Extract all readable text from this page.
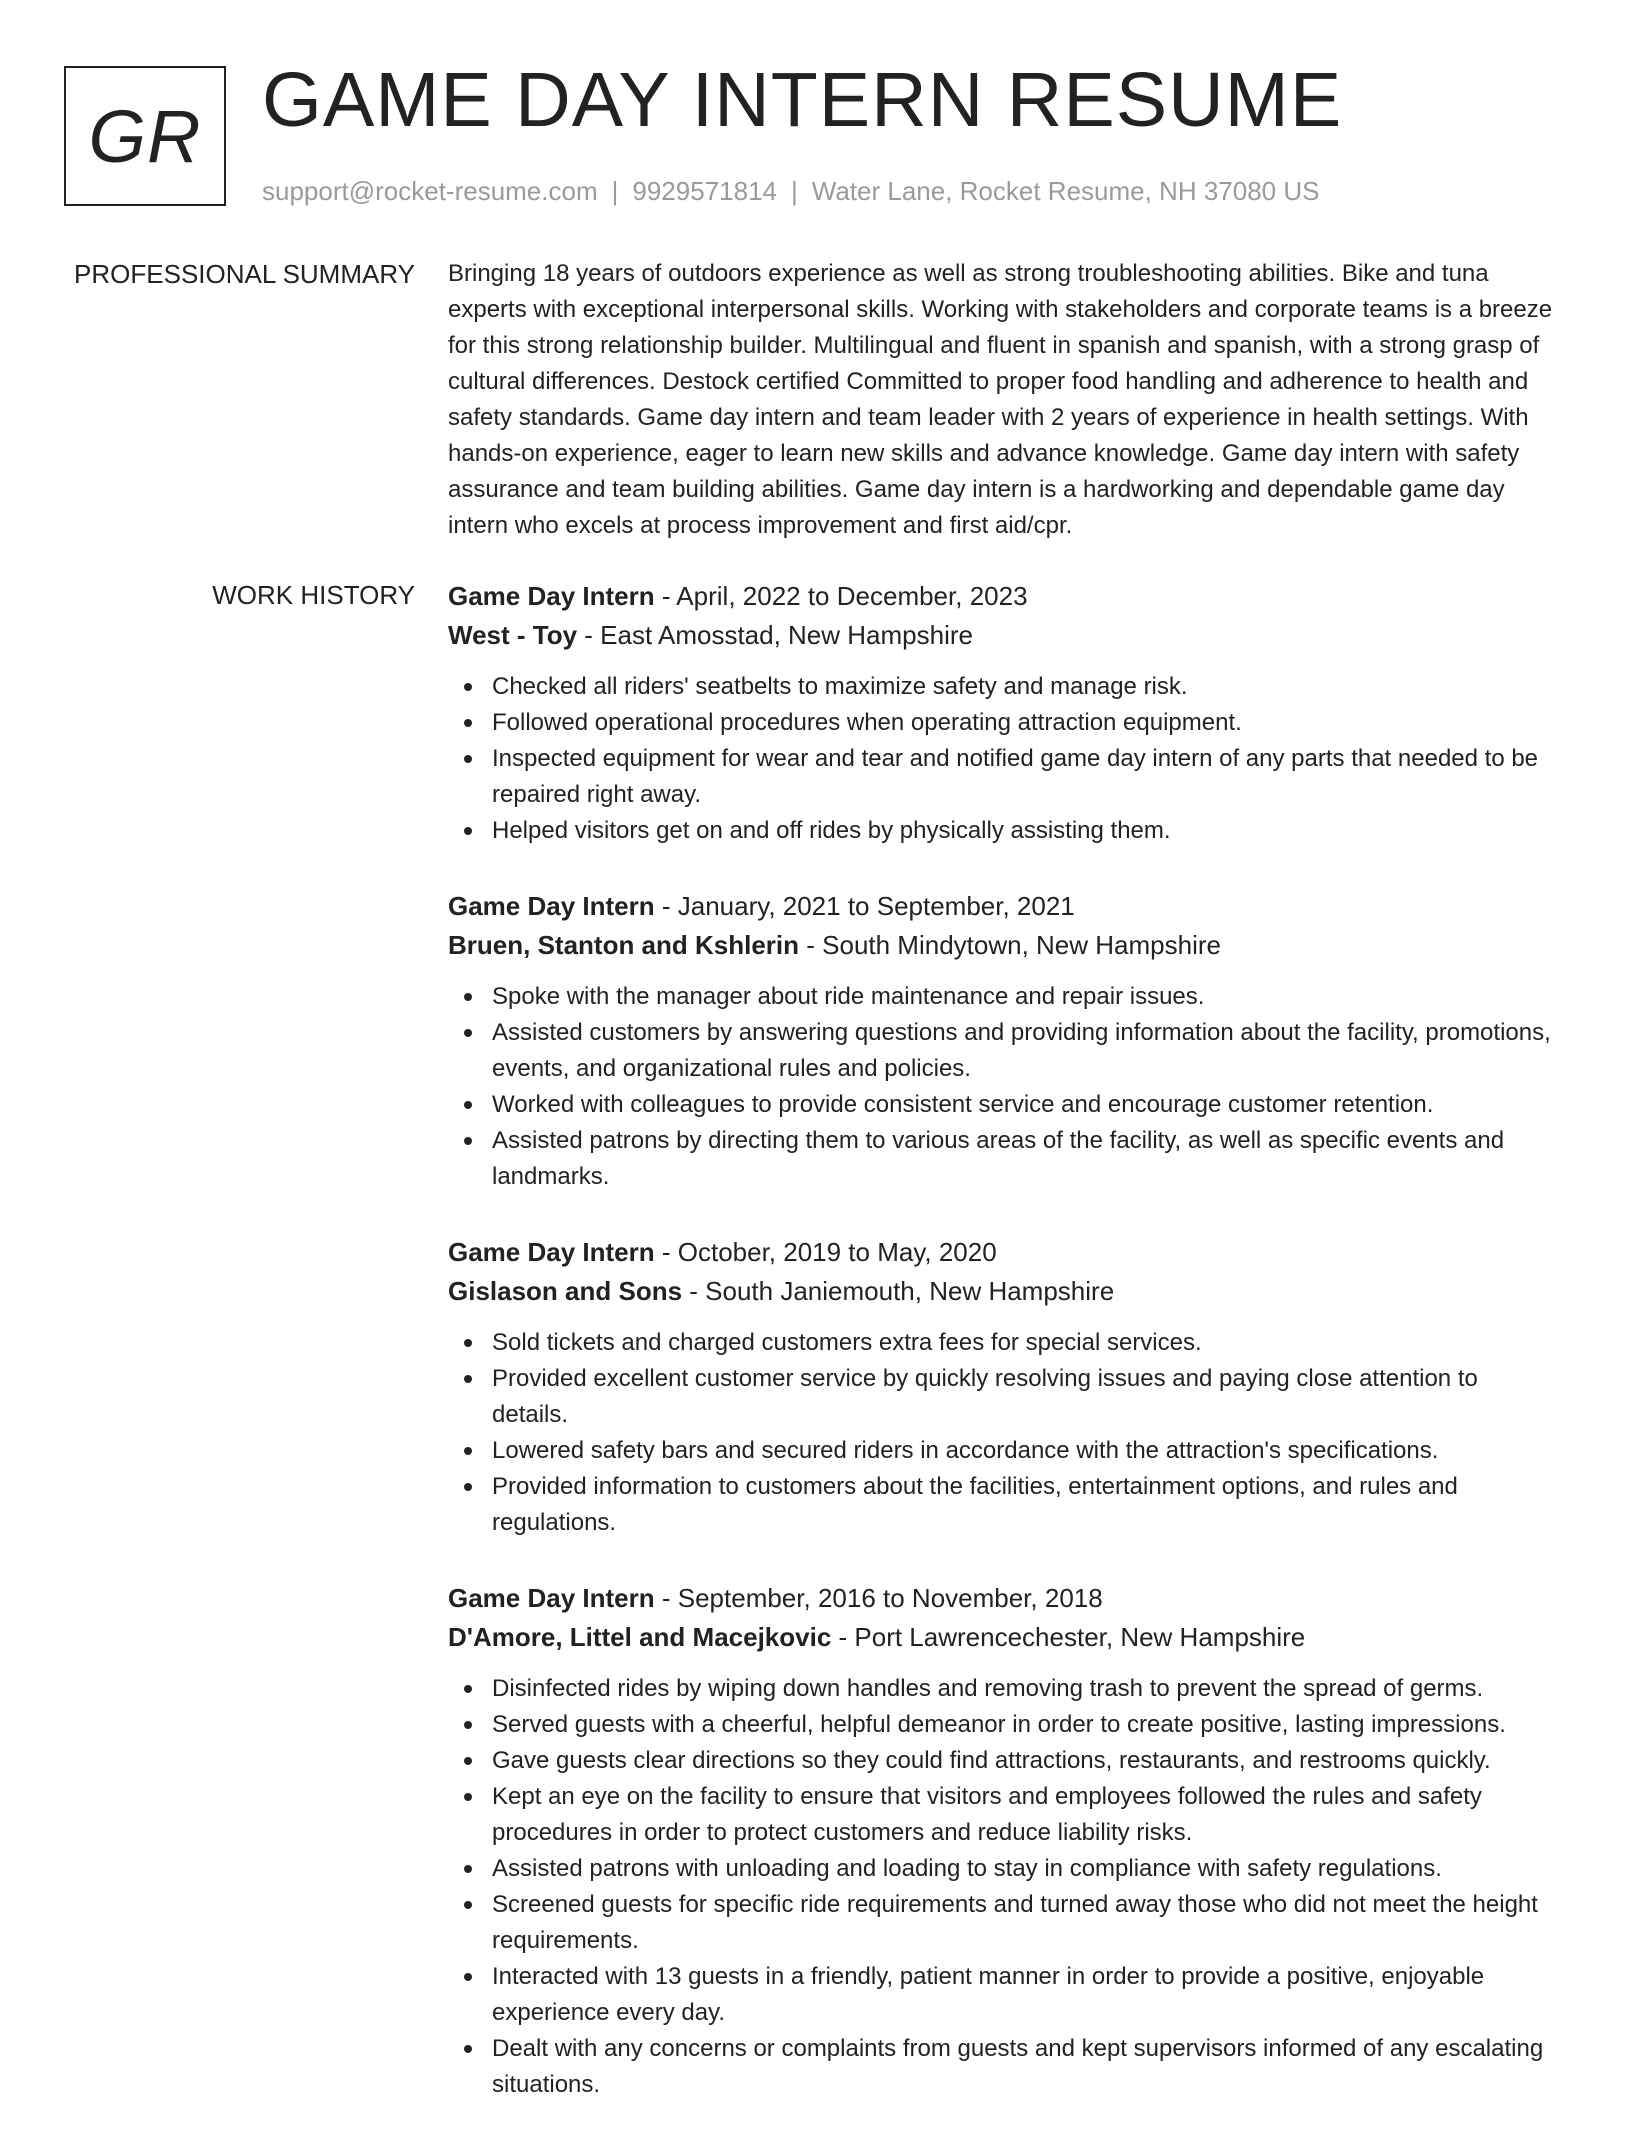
GR GAME DAY INTERN RESUME
support@rocket-resume.com | 9929571814 | Water Lane, Rocket Resume, NH 37080 US
PROFESSIONAL SUMMARY Bringing 18 years of outdoors experience as well as strong troubleshooting abilities. Bike and tuna experts with exceptional interpersonal skills. Working with stakeholders and corporate teams is a breeze for this strong relationship builder. Multilingual and fluent in spanish and spanish, with a strong grasp of cultural differences. Destock certified Committed to proper food handling and adherence to health and safety standards. Game day intern and team leader with 2 years of experience in health settings. With hands-on experience, eager to learn new skills and advance knowledge. Game day intern with safety assurance and team building abilities. Game day intern is a hardworking and dependable game day intern who excels at process improvement and first aid/cpr.

WORK HISTORY Game Day Intern - April, 2022 to December, 2023
West - Toy - East Amosstad, New Hampshire
Checked all riders' seatbelts to maximize safety and manage risk.
Followed operational procedures when operating attraction equipment.
Inspected equipment for wear and tear and notified game day intern of any parts that needed to be repaired right away.
Helped visitors get on and off rides by physically assisting them.
Game Day Intern - January, 2021 to September, 2021
Bruen, Stanton and Kshlerin - South Mindytown, New Hampshire
Spoke with the manager about ride maintenance and repair issues.
Assisted customers by answering questions and providing information about the facility, promotions, events, and organizational rules and policies.
Worked with colleagues to provide consistent service and encourage customer retention.
Assisted patrons by directing them to various areas of the facility, as well as specific events and landmarks.
Game Day Intern - October, 2019 to May, 2020
Gislason and Sons - South Janiemouth, New Hampshire
Sold tickets and charged customers extra fees for special services.
Provided excellent customer service by quickly resolving issues and paying close attention to details.
Lowered safety bars and secured riders in accordance with the attraction's specifications.
Provided information to customers about the facilities, entertainment options, and rules and regulations.
Game Day Intern - September, 2016 to November, 2018
D'Amore, Littel and Macejkovic - Port Lawrencechester, New Hampshire
Disinfected rides by wiping down handles and removing trash to prevent the spread of germs.
Served guests with a cheerful, helpful demeanor in order to create positive, lasting impressions.
Gave guests clear directions so they could find attractions, restaurants, and restrooms quickly.
Kept an eye on the facility to ensure that visitors and employees followed the rules and safety procedures in order to protect customers and reduce liability risks.
Assisted patrons with unloading and loading to stay in compliance with safety regulations.
Screened guests for specific ride requirements and turned away those who did not meet the height requirements.
Interacted with 13 guests in a friendly, patient manner in order to provide a positive, enjoyable experience every day.
Dealt with any concerns or complaints from guests and kept supervisors informed of any escalating situations.
